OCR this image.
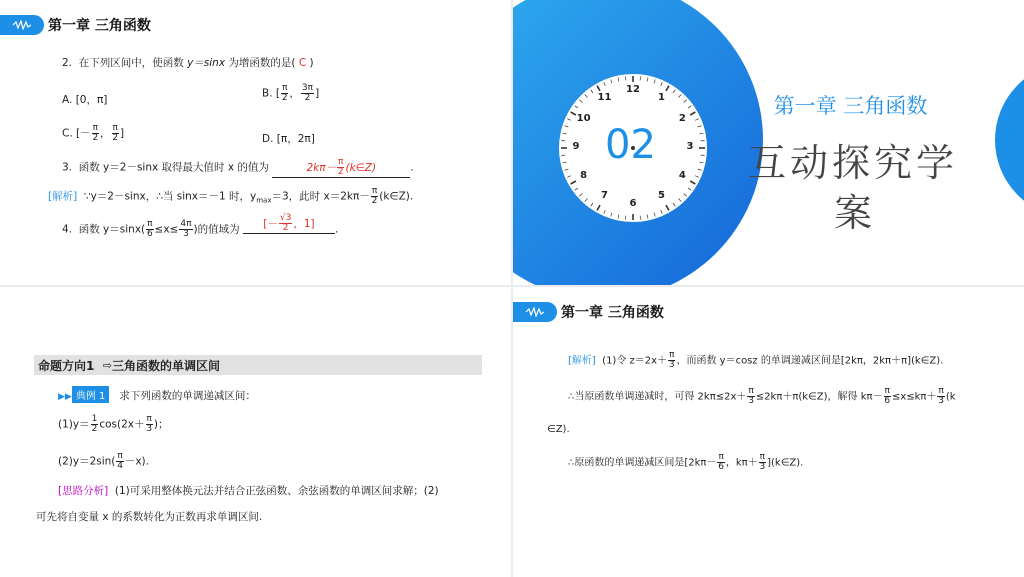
第一章 三角函数
2. 在下列区间中，使函数 y＝sinx 为增函数的是( C )
A. [0，π]
B. [ $\frac{\pi}{2}$ ， $\frac{3\pi}{2}$ ]
C. [－ $\frac{\pi}{2}$ ， $\frac{\pi}{2}$ ]	D. [π，2π]
3. 函数 y＝2－sinx 取得最大值时 x 的值为	$2k\pi- \frac{\pi}{2}$ (k∈Z)	.
[解析] ∵y＝2－sinx，∴当 sinx＝－1 时，$y_{max}=3$，此时 $x=2k\pi- \frac{\pi}{2}$ (k∈Z).
4. 函数 $y=\sin x( \frac{\pi}{6} \le x\le \frac{4\pi}{3}$ )的值域为 [－ $\frac{√3}{2}$ ，1] .
12
1
2
3
4
5
6
7
8
9
10
11
02
第一章 三角函数
互动探究学
案
命题方向1
⇨ 三角函数的单调区间
▶▶ 典例 1 求下列函数的单调递减区间：
$(1)y= \frac{1}{2} \cos(2x+ \frac{\pi}{3}$ )；
$(2)y=2\sin( \frac{\pi}{4} -x)$.
[思路分析] (1)可采用整体换元法并结合正弦函数、余弦函数的单调区间求解；(2)
可先将自变量 x 的系数转化为正数再求单调区间.
第一章 三角函数
[解析] (1)令 $z=2x+ \frac{\pi}{3}$ ，而函数 y＝cosz 的单调递减区间是[2kπ，2kπ＋π](k∈Z).
∴当原函数单调递减时，可得 $2k\pi\le 2x+ \frac{\pi}{3}$ ≤2kπ＋π(k∈Z)，解得 $k\pi- \frac{\pi}{6} \le x\le k\pi+ \frac{\pi}{3} (k$
∈Z).
∴原函数的单调递减区间是[$2k\pi- \frac{\pi}{6}$ ，$k\pi+ \frac{\pi}{3}$ ](k∈Z).
